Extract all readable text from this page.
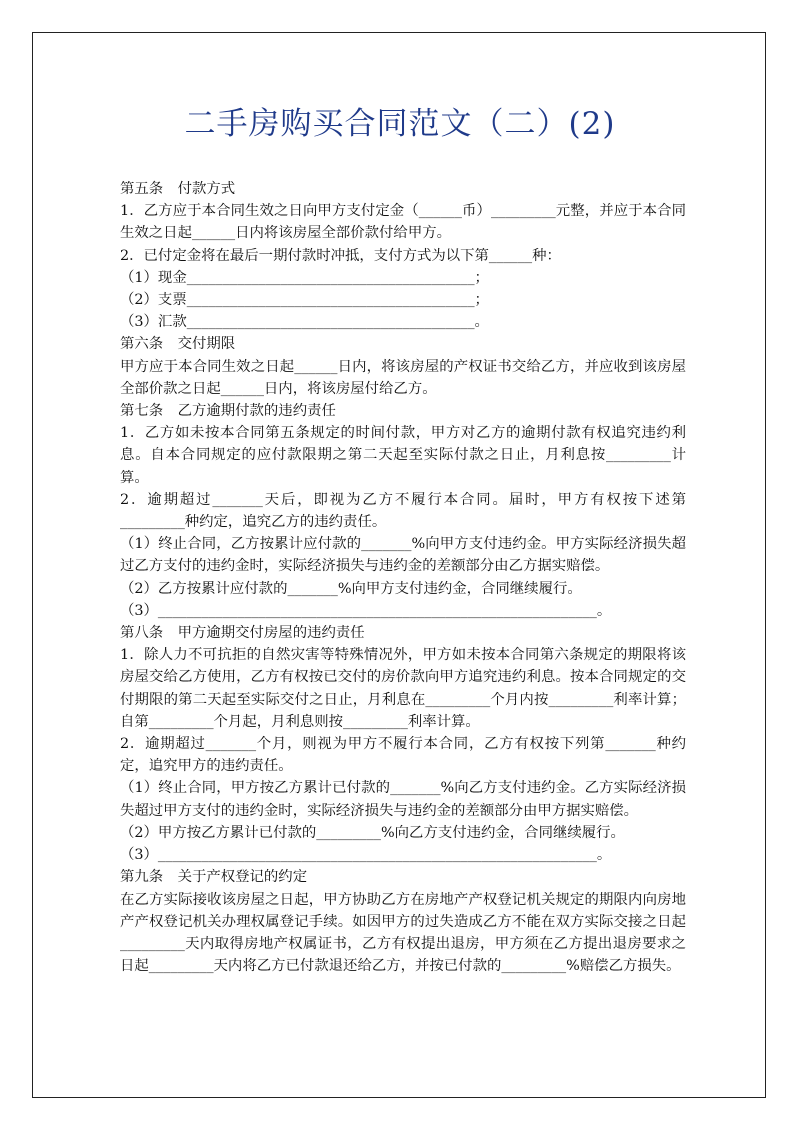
二手房购买合同范文（二）(2)

第五条　付款方式

1．乙方应于本合同生效之日向甲方支付定金（______币）_________元整，并应于本合同生效之日起______日内将该房屋全部价款付给甲方。

2．已付定金将在最后一期付款时冲抵，支付方式为以下第______种：

（1）现金________________________________________；

（2）支票________________________________________；

（3）汇款________________________________________。

第六条　交付期限

甲方应于本合同生效之日起______日内，将该房屋的产权证书交给乙方，并应收到该房屋全部价款之日起______日内，将该房屋付给乙方。

第七条　乙方逾期付款的违约责任

1．乙方如未按本合同第五条规定的时间付款，甲方对乙方的逾期付款有权追究违约利息。自本合同规定的应付款限期之第二天起至实际付款之日止，月利息按_________计算。

2．逾期超过_______天后，即视为乙方不履行本合同。届时，甲方有权按下述第_________种约定，追究乙方的违约责任。

（1）终止合同，乙方按累计应付款的_______%向甲方支付违约金。甲方实际经济损失超过乙方支付的违约金时，实际经济损失与违约金的差额部分由乙方据实赔偿。

（2）乙方按累计应付款的_______%向甲方支付违约金，合同继续履行。

（3）_____________________________________________________________。

第八条　甲方逾期交付房屋的违约责任

1．除人力不可抗拒的自然灾害等特殊情况外，甲方如未按本合同第六条规定的期限将该房屋交给乙方使用，乙方有权按已交付的房价款向甲方追究违约利息。按本合同规定的交付期限的第二天起至实际交付之日止，月利息在_________个月内按_________利率计算；自第_________个月起，月利息则按_________利率计算。

2．逾期超过_______个月，则视为甲方不履行本合同，乙方有权按下列第_______种约定，追究甲方的违约责任。

（1）终止合同，甲方按乙方累计已付款的_______%向乙方支付违约金。乙方实际经济损失超过甲方支付的违约金时，实际经济损失与违约金的差额部分由甲方据实赔偿。

（2）甲方按乙方累计已付款的_________%向乙方支付违约金，合同继续履行。

（3）_____________________________________________________________。

第九条　关于产权登记的约定

在乙方实际接收该房屋之日起，甲方协助乙方在房地产产权登记机关规定的期限内向房地产产权登记机关办理权属登记手续。如因甲方的过失造成乙方不能在双方实际交接之日起_________天内取得房地产权属证书，乙方有权提出退房，甲方须在乙方提出退房要求之日起_________天内将乙方已付款退还给乙方，并按已付款的_________%赔偿乙方损失。
